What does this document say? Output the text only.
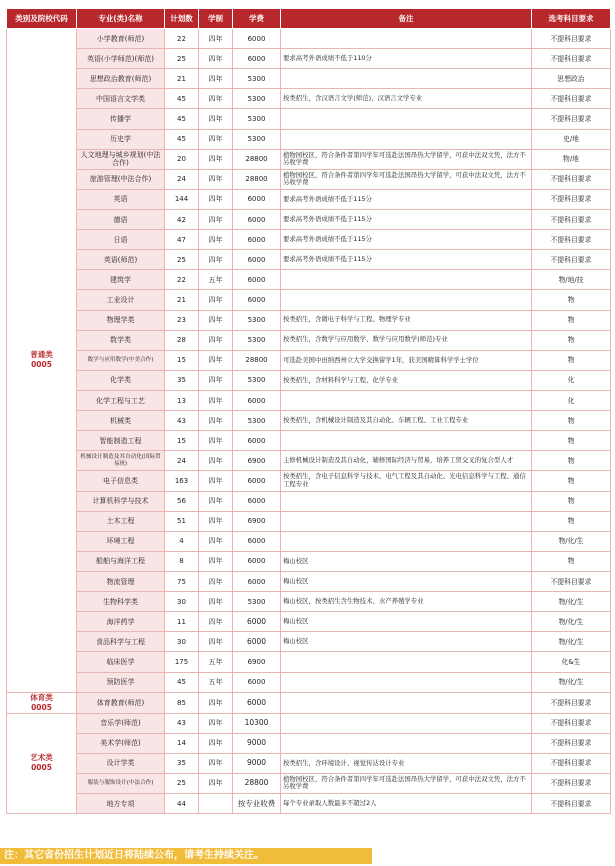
类别及院校代码	专业(类)名称	计划数	学制	学费	备注	选考科目要求

普通类
0005	小学教育(师范)	22	四年	6000		不提科目要求
	英语(小学师范)(师范)	25	四年	6000	要求高考外语成绩不低于110分	不提科目要求
	思想政治教育(师范)	21	四年	5300		思想政治
	中国语言文学类	45	四年	5300	按类招生，含汉语言文学(师范)、汉语言文学专业	不提科目要求
	传播学	45	四年	5300		不提科目要求
	历史学	45	四年	5300		史/地
	人文地理与城乡规划(中法合作)	20	四年	28800	植物园校区，符合条件者第四学年可选赴法国昂热大学留学，可获中法双文凭，法方不另收学费	物/地
	旅游管理(中法合作)	24	四年	28800	植物园校区，符合条件者第四学年可选赴法国昂热大学留学，可获中法双文凭，法方不另收学费	不提科目要求
	英语	144	四年	6000	要求高考外语成绩不低于115分	不提科目要求
	德语	42	四年	6000	要求高考外语成绩不低于115分	不提科目要求
	日语	47	四年	6000	要求高考外语成绩不低于115分	不提科目要求
	英语(师范)	25	四年	6000	要求高考外语成绩不低于115分	不提科目要求
	建筑学	22	五年	6000		物/地/技
	工业设计	21	四年	6000		物
	物理学类	23	四年	5300	按类招生，含微电子科学与工程、物理学专业	物
	数学类	28	四年	5300	按类招生，含数学与应用数学、数学与应用数学(师范)专业	物
	数学与应用数学(中美合作)	15	四年	28800	可选赴美国中田纳西州立大学交换留学1年，获美国精算科学学士学位	物
	化学类	35	四年	5300	按类招生，含材料科学与工程、化学专业	化
	化学工程与工艺	13	四年	6000		化
	机械类	43	四年	5300	按类招生，含机械设计制造及其自动化、车辆工程、工业工程专业	物
	智能制造工程	15	四年	6000		物
	机械设计制造及其自动化(国际贸易班)	24	四年	6900	主修机械设计制造及其自动化，辅修国际经济与贸易，培养工贸交叉的复合型人才	物
	电子信息类	163	四年	6000	按类招生，含电子信息科学与技术、电气工程及其自动化、光电信息科学与工程、通信工程专业	物
	计算机科学与技术	56	四年	6000		物
	土木工程	51	四年	6900		物
	环境工程	4	四年	6000		物/化/生
	船舶与海洋工程	8	四年	6000	梅山校区	物
	物流管理	75	四年	6000	梅山校区	不提科目要求
	生物科学类	30	四年	5300	梅山校区，按类招生含生物技术、水产养殖学专业	物/化/生
	海洋药学	11	四年	6000	梅山校区	物/化/生
	食品科学与工程	30	四年	6000	梅山校区	物/化/生
	临床医学	175	五年	6900		化&生
	预防医学	45	五年	6000		物/化/生

体育类
0005	体育教育(师范)	85	四年	6000		不提科目要求

艺术类
0005	音乐学(师范)	43	四年	10300		不提科目要求
	美术学(师范)	14	四年	9000		不提科目要求
	设计学类	35	四年	9000	按类招生，含环境设计、视觉传达设计专业	不提科目要求
	服装与服饰设计(中法合作)	25	四年	28800	植物园校区，符合条件者第四学年可选赴法国昂热大学留学，可获中法双文凭，法方不另收学费	不提科目要求
	地方专项	44		按专业收费	每个专业录取人数最多不超过2人	不提科目要求
注：其它省份招生计划近日将陆续公布，请考生持续关注。
